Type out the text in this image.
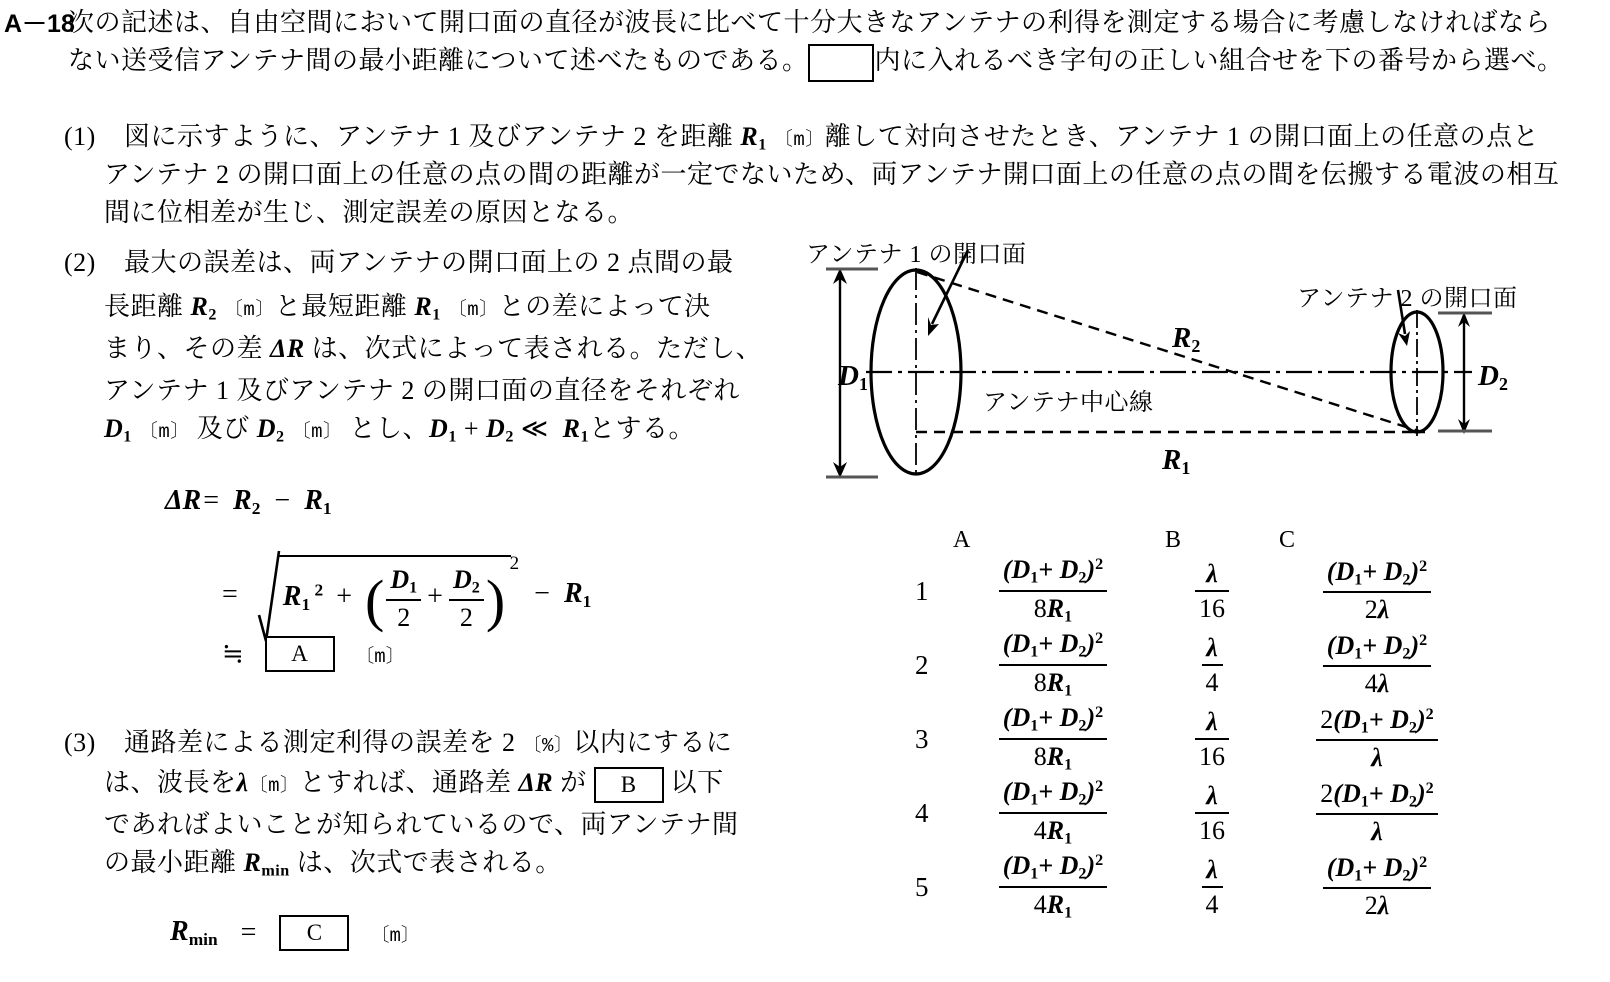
A－18
次の記述は、自由空間において開口面の直径が波長に比べて十分大きなアンテナの利得を測定する場合に考慮しなければなら
ない送受信アンテナ間の最小距離について述べたものである。	内に入れるべき字句の正しい組合せを下の番号から選べ。
(1) 図に示すように、アンテナ 1 及びアンテナ 2 を距離 $R_1$ 〔m〕離して対向させたとき、アンテナ 1 の開口面上の任意の点と
アンテナ 2 の開口面上の任意の点の間の距離が一定でないため、両アンテナ開口面上の任意の点の間を伝搬する電波の相互
間に位相差が生じ、測定誤差の原因となる。
(2) 最大の誤差は、両アンテナの開口面上の 2 点間の最
長距離 $R_2$ 〔m〕と最短距離 $R_1$ 〔m〕との差によって決
まり、その差 ΔR は、次式によって表される。ただし、
アンテナ 1 及びアンテナ 2 の開口面の直径をそれぞれ
$D_1$ 〔m〕 及び $D_2$ 〔m〕 とし、$D_1 + D_2$ ≪  $R_1$とする。
$\Delta R= R_2 - R_1$
= $R_1$ $^2$ + ( $\frac{D_1}{2} + \frac{D_2}{2}$ )
2
−  $R_1$
≒ A 〔m〕
(3) 通路差による測定利得の誤差を 2 〔%〕以内にするに
は、波長をλ〔m〕とすれば、通路差 ΔR が B 以下
であればよいことが知られているので、両アンテナ間
の最小距離 $R_{min}$ は、次式で表される。
$R_{min} = C$	〔m〕
アンテナ 1 の開口面
アンテナ 2 の開口面
アンテナ中心線
$D_1$	$D_2$
$R_2$
$R_1$
A	B	C
1	$\frac{(D_1+ D_2)^2}{8R_1}$	$\frac{\lambda}{16}$	$\frac{(D_1+ D_2)^2}{2\lambda}$
2	$\frac{(D_1+ D_2)^2}{8R_1}$	$\frac{\lambda}{4}$	$\frac{(D_1+ D_2)^2}{4\lambda}$
3	$\frac{(D_1+ D_2)^2}{8R_1}$	$\frac{\lambda}{16}$	$\frac{2(D_1+ D_2)^2}{\lambda}$
4	$\frac{(D_1+ D_2)^2}{4R_1}$	$\frac{\lambda}{16}$	$\frac{2(D_1+ D_2)^2}{\lambda}$
5	$\frac{(D_1+ D_2)^2}{4R_1}$	$\frac{\lambda}{4}$	$\frac{(D_1+ D_2)^2}{2\lambda}$
